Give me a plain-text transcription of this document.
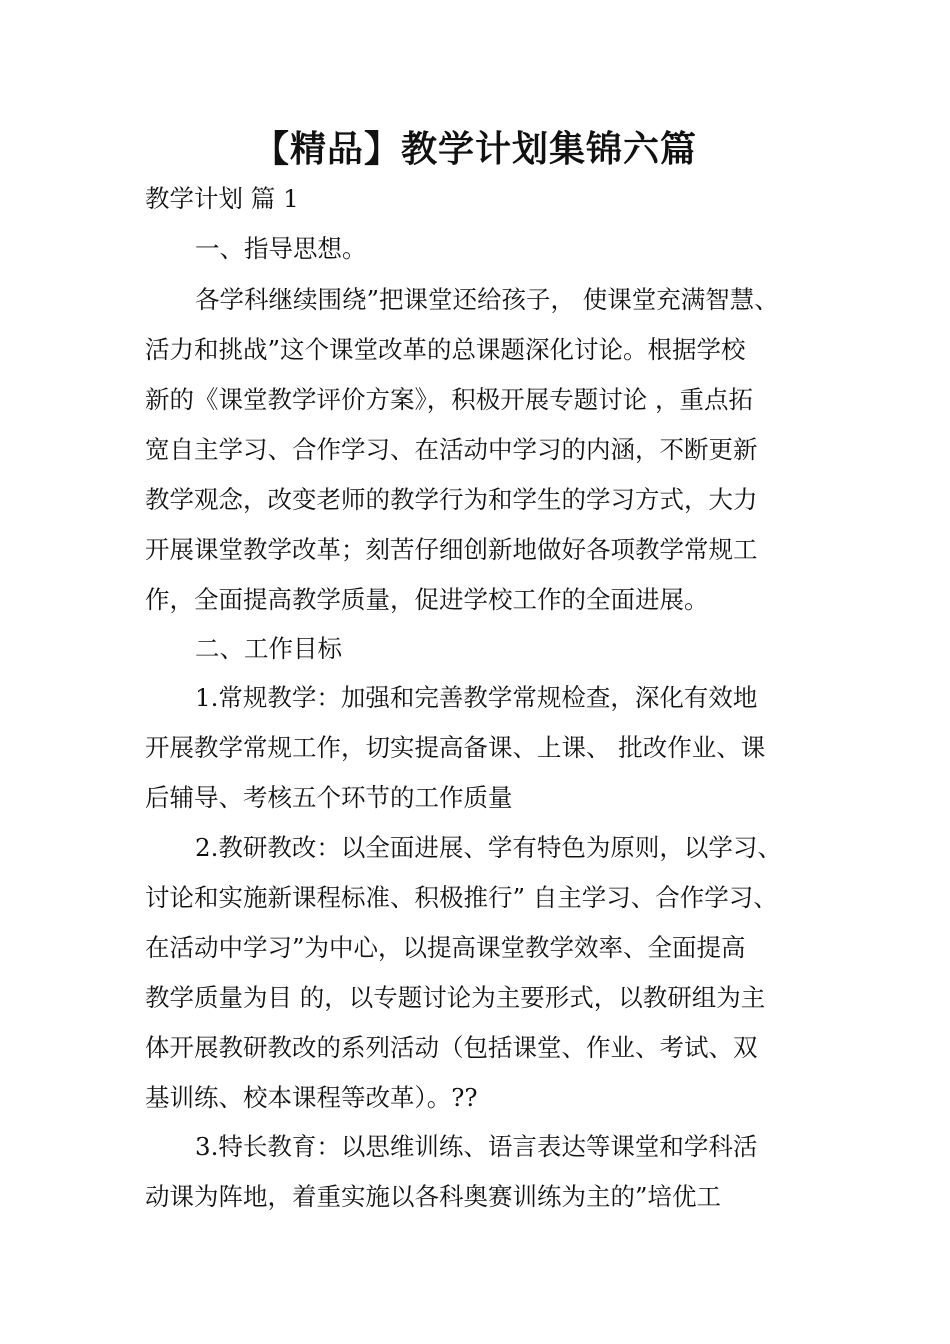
【精品】教学计划集锦六篇
教学计划 篇 1
一、指导思想。
各学科继续围绕”把课堂还给孩子， 使课堂充满智慧、
活力和挑战”这个课堂改革的总课题深化讨论。根据学校
新的《课堂教学评价方案》，积极开展专题讨论 ，重点拓
宽自主学习、合作学习、在活动中学习的内涵，不断更新
教学观念，改变老师的教学行为和学生的学习方式，大力
开展课堂教学改革；刻苦仔细创新地做好各项教学常规工
作，全面提高教学质量，促进学校工作的全面进展。
二、工作目标
1.常规教学：加强和完善教学常规检查，深化有效地
开展教学常规工作，切实提高备课、上课、 批改作业、课
后辅导、考核五个环节的工作质量
2.教研教改：以全面进展、学有特色为原则，以学习、
讨论和实施新课程标准、积极推行” 自主学习、合作学习、
在活动中学习”为中心，以提高课堂教学效率、全面提高
教学质量为目 的，以专题讨论为主要形式，以教研组为主
体开展教研教改的系列活动（包括课堂、作业、考试、双
基训练、校本课程等改革）。??
3.特长教育：以思维训练、语言表达等课堂和学科活
动课为阵地，着重实施以各科奥赛训练为主的”培优工
